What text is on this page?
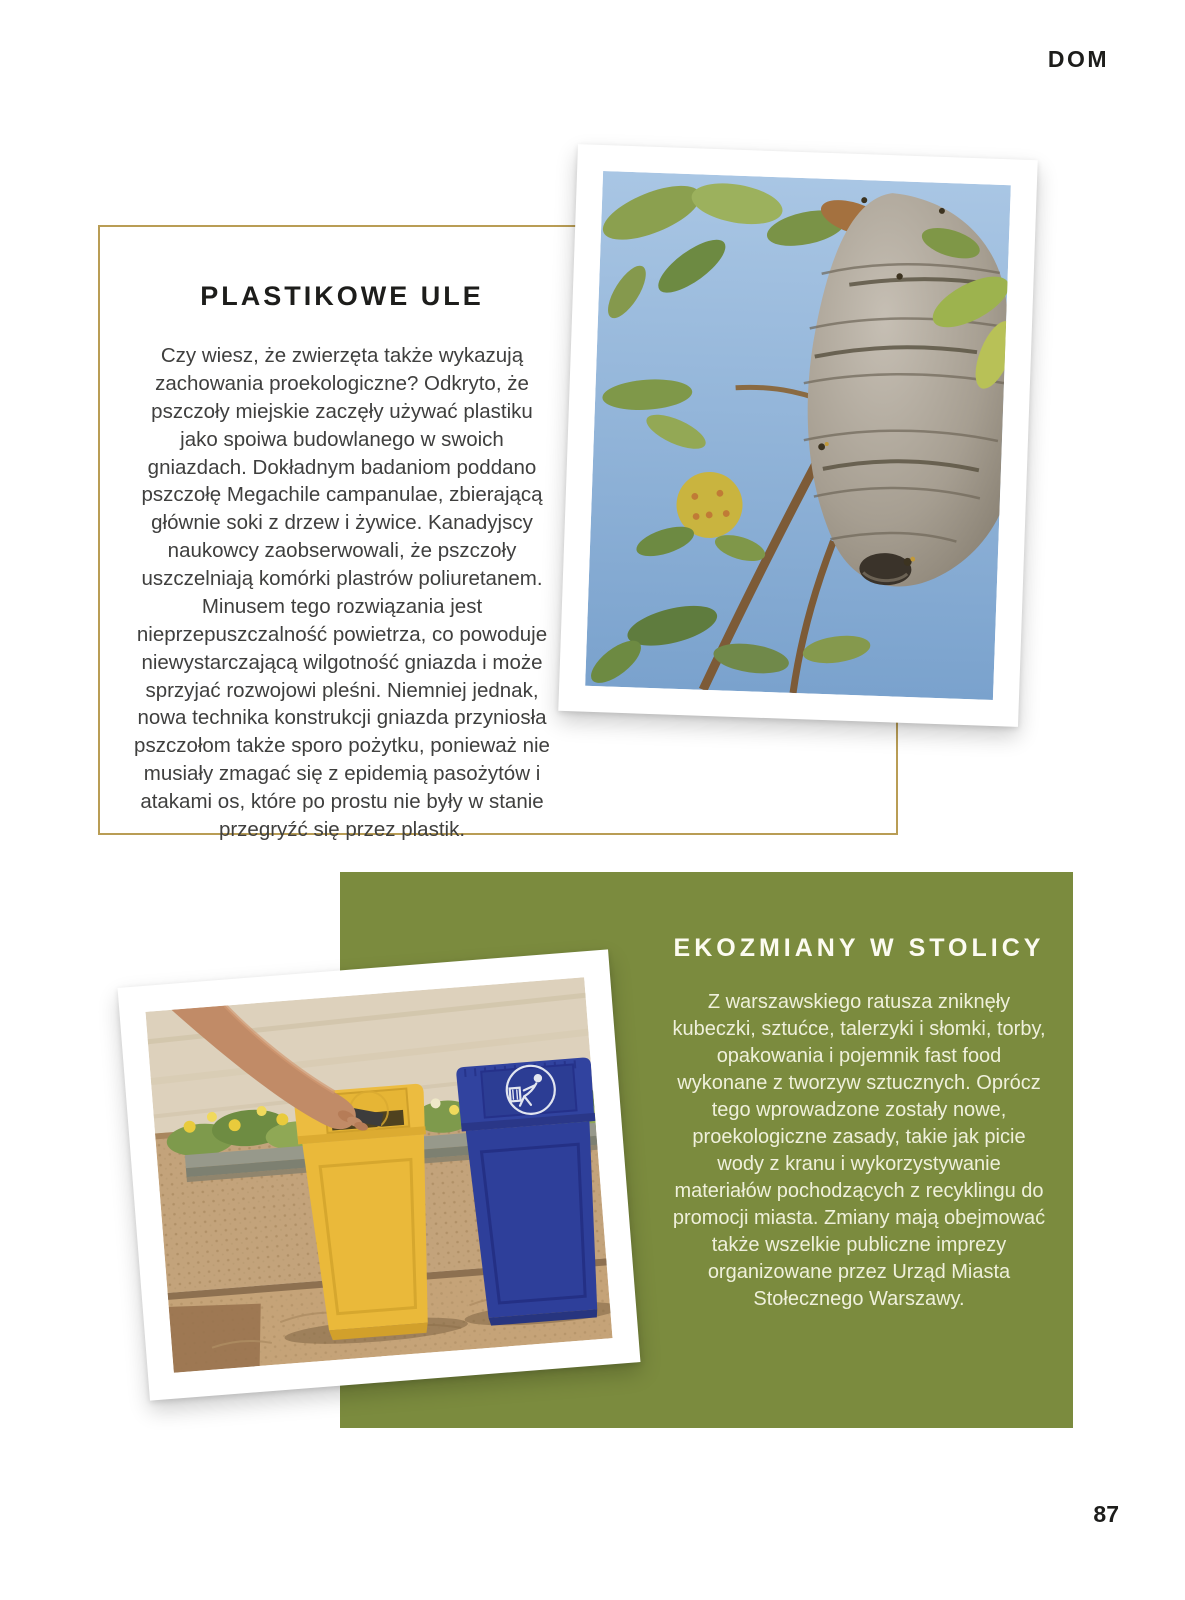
DOM
PLASTIKOWE ULE

Czy wiesz, że zwierzęta także wykazują zachowania proekologiczne? Odkryto, że pszczoły miejskie zaczęły używać plastiku jako spoiwa budowlanego w swoich gniazdach. Dokładnym badaniom poddano pszczołę Megachile campanulae, zbierającą głównie soki z drzew i żywice. Kanadyjscy naukowcy zaobserwowali, że pszczoły uszczelniają komórki plastrów poliuretanem. Minusem tego rozwiązania jest nieprzepuszczalność powietrza, co powoduje niewystarczającą wilgotność gniazda i może sprzyjać rozwojowi pleśni. Niemniej jednak, nowa technika konstrukcji gniazda przyniosła pszczołom także sporo pożytku, ponieważ nie musiały zmagać się z epidemią pasożytów i atakami os, które po prostu nie były w stanie przegryźć się przez plastik.

EKOZMIANY W STOLICY

Z warszawskiego ratusza zniknęły kubeczki, sztućce, talerzyki i słomki, torby, opakowania i pojemnik fast food wykonane z tworzyw sztucznych. Oprócz tego wprowadzone zostały nowe, proekologiczne zasady, takie jak picie wody z kranu i wykorzystywanie materiałów pochodzących z recyklingu do promocji miasta. Zmiany mają obejmować także wszelkie publiczne imprezy organizowane przez Urząd Miasta Stołecznego Warszawy.

87
